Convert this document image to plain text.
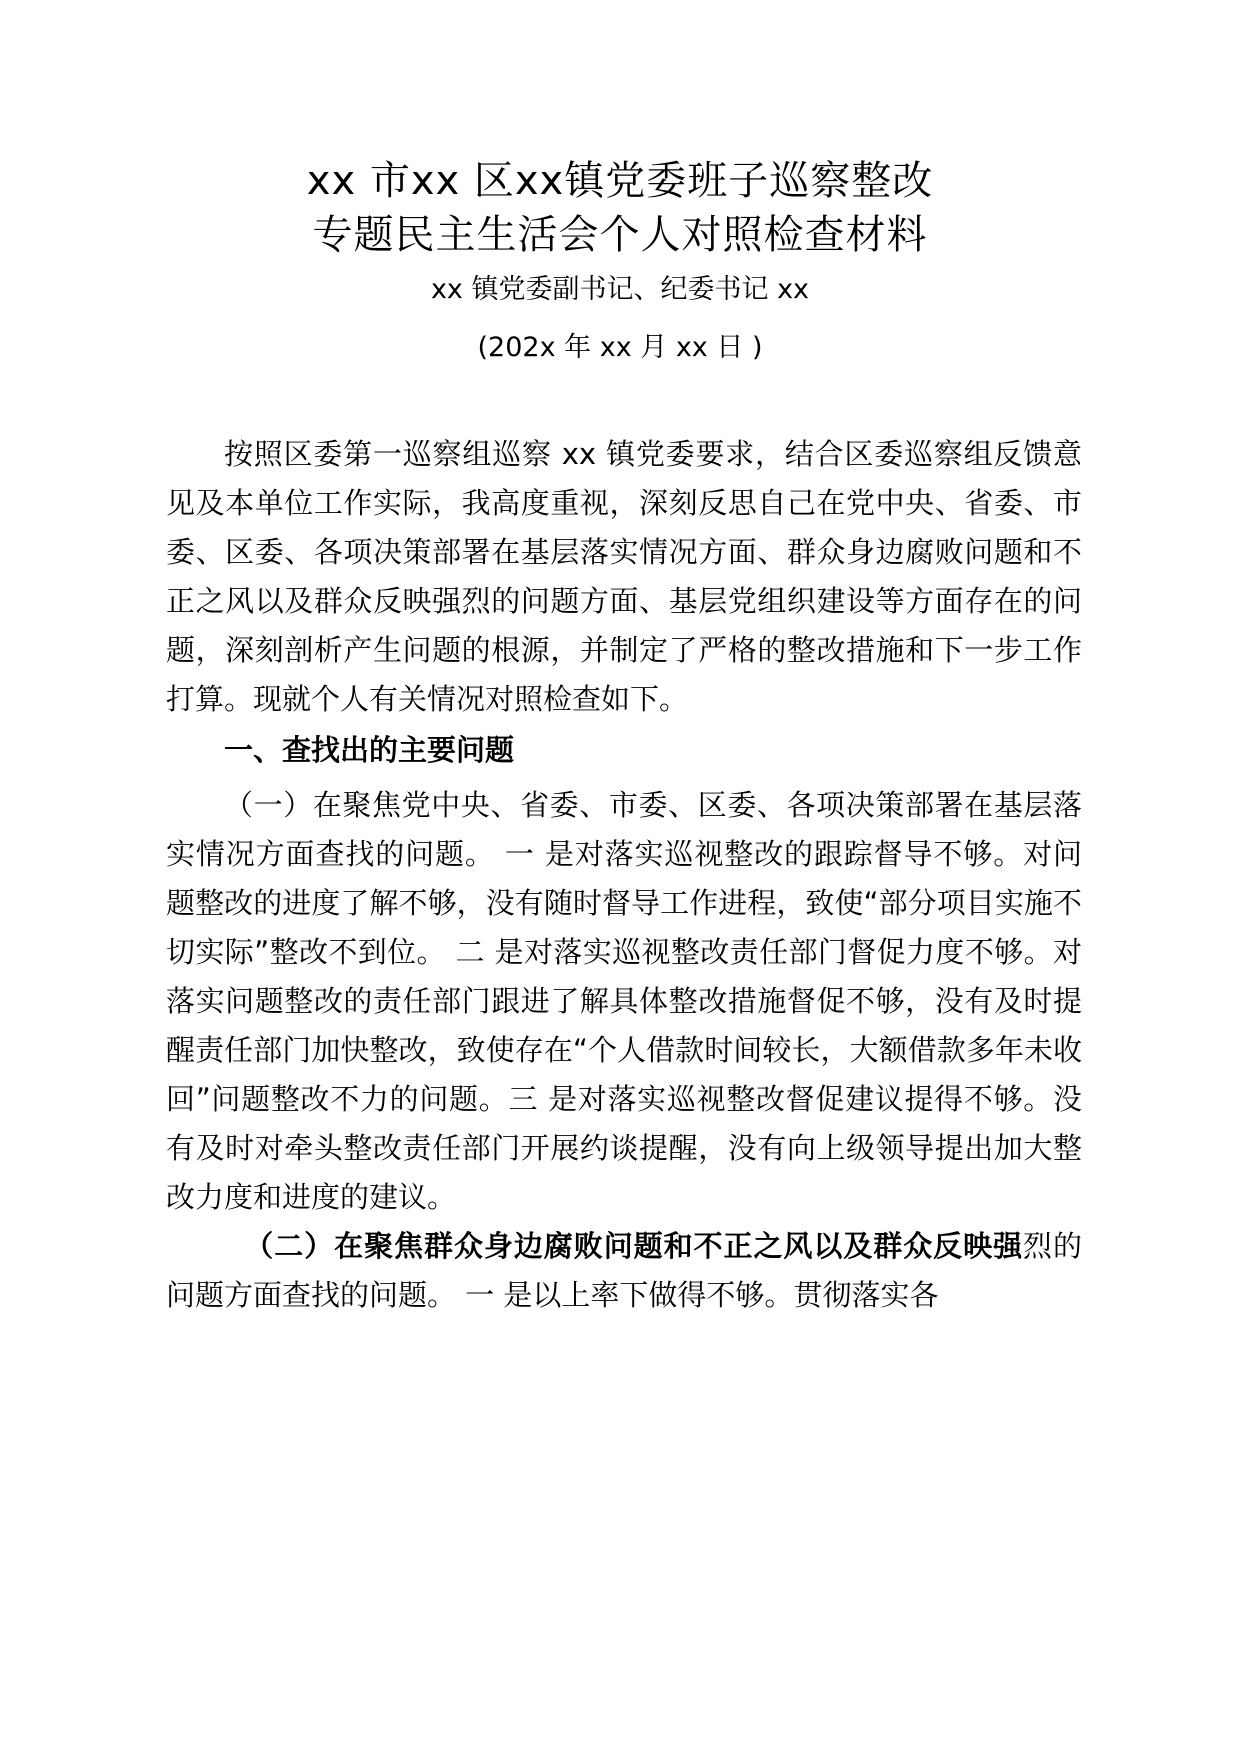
xx 市xx 区xx镇党委班子巡察整改
专题民主生活会个人对照检查材料
xx 镇党委副书记、纪委书记 xx
(202x 年 xx 月 xx 日 )

按照区委第一巡察组巡察 xx 镇党委要求，结合区委巡察组反馈意见及本单位工作实际，我高度重视，深刻反思自己在党中央、省委、市委、区委、各项决策部署在基层落实情况方面、群众身边腐败问题和不正之风以及群众反映强烈的问题方面、基层党组织建设等方面存在的问题，深刻剖析产生问题的根源，并制定了严格的整改措施和下一步工作打算。现就个人有关情况对照检查如下。

一、查找出的主要问题

（一）在聚焦党中央、省委、市委、区委、各项决策部署在基层落实情况方面查找的问题。 一 是对落实巡视整改的跟踪督导不够。对问题整改的进度了解不够，没有随时督导工作进程，致使“部分项目实施不切实际”整改不到位。 二 是对落实巡视整改责任部门督促力度不够。对落实问题整改的责任部门跟进了解具体整改措施督促不够，没有及时提醒责任部门加快整改，致使存在“个人借款时间较长，大额借款多年未收回”问题整改不力的问题。三 是对落实巡视整改督促建议提得不够。没有及时对牵头整改责任部门开展约谈提醒，没有向上级领导提出加大整改力度和进度的建议。

（二）在聚焦群众身边腐败问题和不正之风以及群众反映强烈的问题方面查找的问题。 一 是以上率下做得不够。贯彻落实各
